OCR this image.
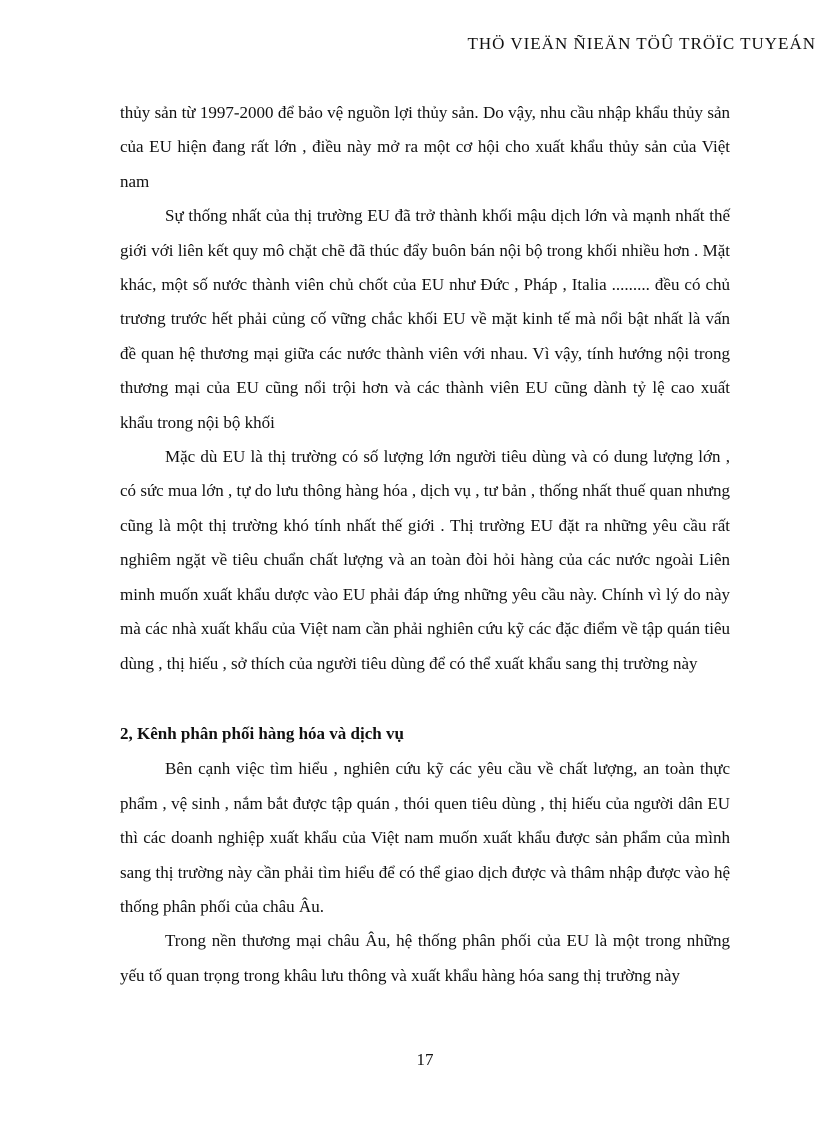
THÖ VIEÄN ÑIEÄN TÖÛ TRÖÏC TUYEÁN

thủy sản từ 1997-2000 để bảo vệ nguồn lợi thủy sản. Do vậy, nhu cầu nhập khẩu thủy sản của EU hiện đang rất lớn , điều này mở ra một cơ hội cho xuất khẩu thủy sản của Việt nam

Sự thống nhất của thị trường EU đã trở thành khối mậu dịch lớn và mạnh nhất thế giới với liên kết quy mô chặt chẽ đã thúc đẩy buôn bán nội bộ trong khối nhiều hơn . Mặt khác, một số nước thành viên chủ chốt của EU như Đức , Pháp , Italia ......... đều có chủ trương trước hết phải củng cố vững chắc khối EU về mặt kinh tế mà nổi bật nhất là vấn đề quan hệ thương mại giữa các nước thành viên với nhau. Vì vậy, tính hướng nội trong thương mại của EU cũng nổi trội hơn và các thành viên EU cũng dành tỷ lệ cao xuất khẩu trong nội bộ khối

Mặc dù EU là thị trường có số lượng lớn người tiêu dùng và có dung lượng lớn , có sức mua lớn , tự do lưu thông hàng hóa , dịch vụ , tư bản , thống nhất thuế quan nhưng cũng là một thị trường khó tính nhất thế giới . Thị trường EU đặt ra những yêu cầu rất nghiêm ngặt về tiêu chuẩn chất lượng và an toàn đòi hỏi hàng của các nước ngoài Liên minh muốn xuất khẩu dược vào EU phải đáp ứng những yêu cầu này. Chính vì lý do này mà các nhà xuất khẩu của Việt nam cần phải nghiên cứu kỹ các đặc điểm về tập quán tiêu dùng , thị hiếu , sở thích của người tiêu dùng để có thể xuất khẩu sang thị trường này

2, Kênh phân phối hàng hóa và dịch vụ

Bên cạnh việc tìm hiểu , nghiên cứu kỹ các yêu cầu về chất lượng, an toàn thực phẩm , vệ sinh , nắm bắt được tập quán , thói quen tiêu dùng , thị hiếu của người dân EU thì các doanh nghiệp xuất khẩu của Việt nam muốn xuất khẩu được sản phẩm của mình sang thị trường này cần phải tìm hiểu để có thể giao dịch được và thâm nhập được vào hệ thống phân phối của châu Âu.

Trong nền thương mại châu Âu, hệ thống phân phối của EU là một trong những yếu tố quan trọng trong khâu lưu thông và xuất khẩu hàng hóa sang thị trường này

17
